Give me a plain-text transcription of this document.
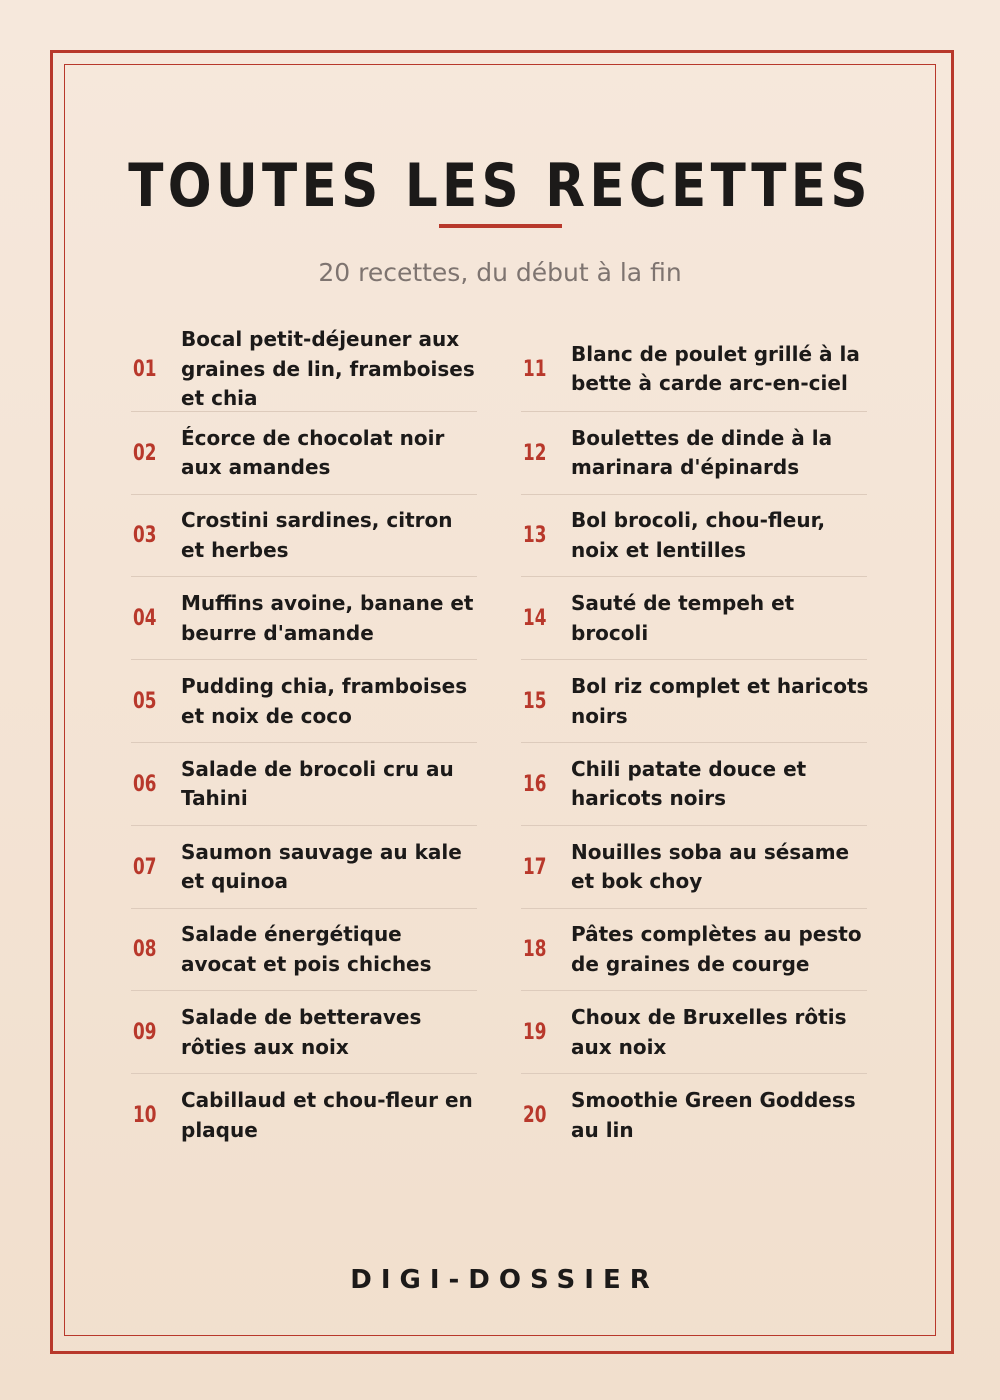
TOUTES LES RECETTES
20 recettes, du début à la fin
01
Bocal petit-déjeuner aux graines de lin, framboises et chia
02
Écorce de chocolat noir aux amandes
03
Crostini sardines, citron et herbes
04
Muffins avoine, banane et beurre d'amande
05
Pudding chia, framboises et noix de coco
06
Salade de brocoli cru au Tahini
07
Saumon sauvage au kale et quinoa
08
Salade énergétique avocat et pois chiches
09
Salade de betteraves rôties aux noix
10
Cabillaud et chou-fleur en plaque
11
Blanc de poulet grillé à la bette à carde arc-en-ciel
12
Boulettes de dinde à la marinara d'épinards
13
Bol brocoli, chou-fleur, noix et lentilles
14
Sauté de tempeh et brocoli
15
Bol riz complet et haricots noirs
16
Chili patate douce et haricots noirs
17
Nouilles soba au sésame et bok choy
18
Pâtes complètes au pesto de graines de courge
19
Choux de Bruxelles rôtis aux noix
20
Smoothie Green Goddess au lin
DIGI-DOSSIER
